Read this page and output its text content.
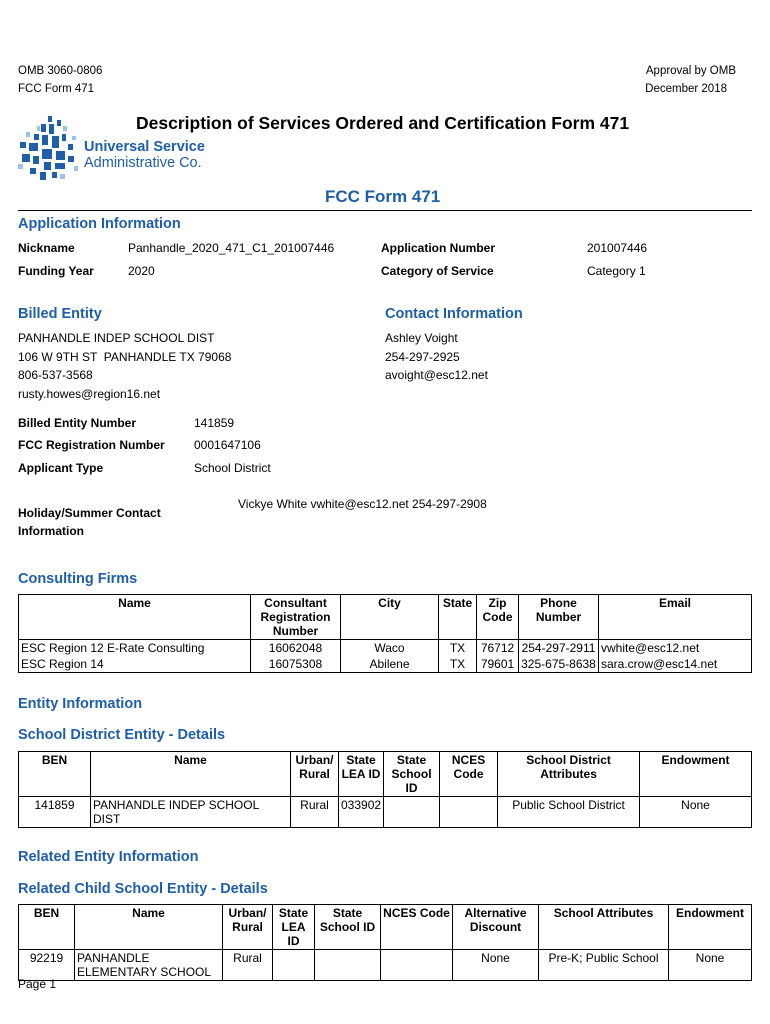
OMB 3060-0806
FCC Form 471
Approval by OMB
December 2018
Universal Service
Administrative Co.
Description of Services Ordered and Certification Form 471
FCC Form 471
Application Information
Nickname	Panhandle_2020_471_C1_201007446	Application Number	201007446
Funding Year	2020	Category of Service	Category 1
Billed Entity
PANHANDLE INDEP SCHOOL DIST
106 W 9TH ST  PANHANDLE TX 79068
806-537-3568
rusty.howes@region16.net
Contact Information
Ashley Voight
254-297-2925
avoight@esc12.net
Billed Entity Number	141859
FCC Registration Number 0001647106
Applicant Type	School District
Holiday/Summer Contact
Information
Vickye White vwhite@esc12.net 254-297-2908
Consulting Firms
Name	Consultant Registration Number	City	State	Zip Code	Phone Number	Email
ESC Region 12 E-Rate Consulting	16062048	Waco	TX	76712	254-297-2911	vwhite@esc12.net
ESC Region 14	16075308	Abilene	TX	79601	325-675-8638	sara.crow@esc14.net
Entity Information
School District Entity - Details
BEN	Name	Urban/ Rural	State LEA ID	State School ID	NCES Code	School District Attributes	Endowment
141859	PANHANDLE INDEP SCHOOL DIST	Rural	033902			Public School District	None
Related Entity Information
Related Child School Entity - Details
BEN	Name	Urban/ Rural	State LEA ID	State School ID	NCES Code	Alternative Discount	School Attributes	Endowment
92219	PANHANDLE ELEMENTARY SCHOOL	Rural				None	Pre-K; Public School	None
Page 1
